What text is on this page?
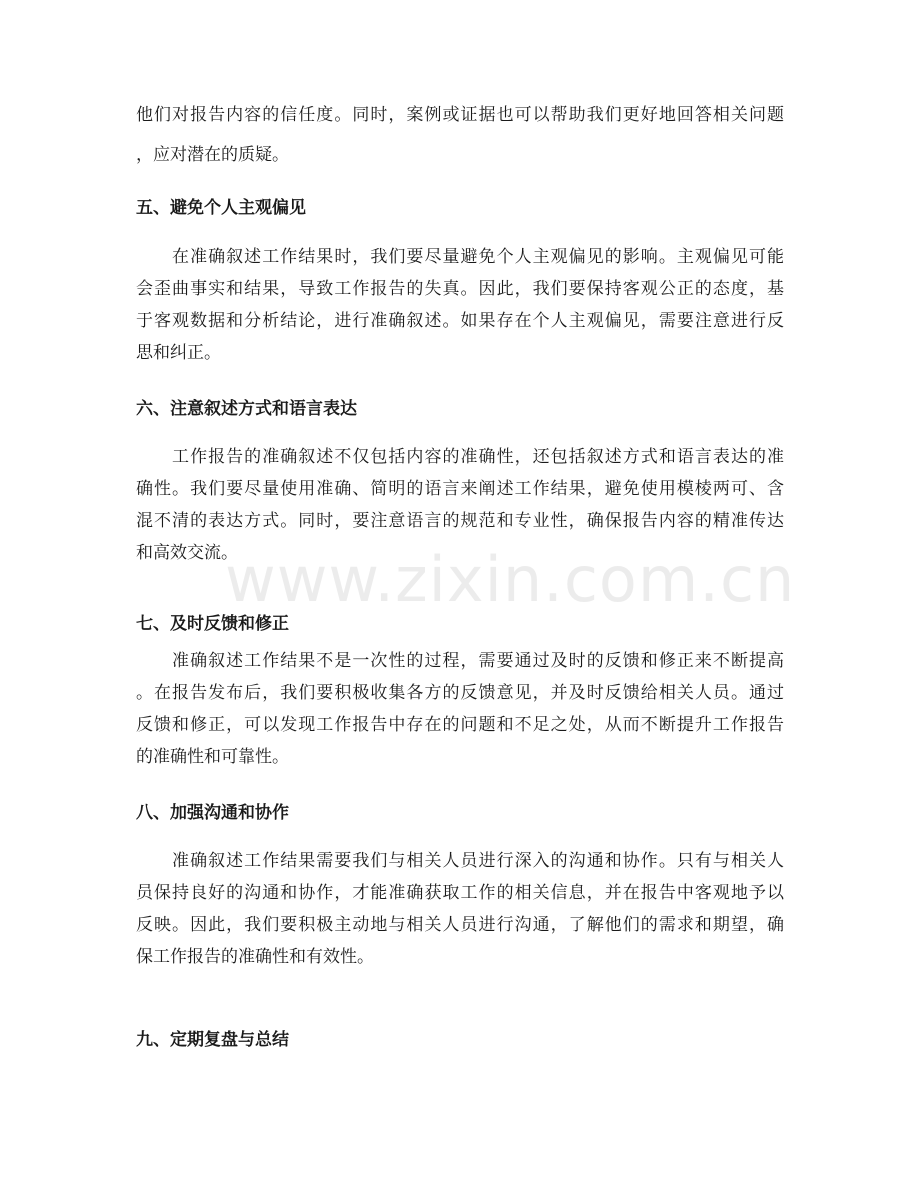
www.zixin.com.cn
他们对报告内容的信任度。同时，案例或证据也可以帮助我们更好地回答相关问题
，应对潜在的质疑。
五、避免个人主观偏见
　　在准确叙述工作结果时，我们要尽量避免个人主观偏见的影响。主观偏见可能
会歪曲事实和结果，导致工作报告的失真。因此，我们要保持客观公正的态度，基
于客观数据和分析结论，进行准确叙述。如果存在个人主观偏见，需要注意进行反
思和纠正。
六、注意叙述方式和语言表达
　　工作报告的准确叙述不仅包括内容的准确性，还包括叙述方式和语言表达的准
确性。我们要尽量使用准确、简明的语言来阐述工作结果，避免使用模棱两可、含
混不清的表达方式。同时，要注意语言的规范和专业性，确保报告内容的精准传达
和高效交流。
七、及时反馈和修正
　　准确叙述工作结果不是一次性的过程，需要通过及时的反馈和修正来不断提高
。在报告发布后，我们要积极收集各方的反馈意见，并及时反馈给相关人员。通过
反馈和修正，可以发现工作报告中存在的问题和不足之处，从而不断提升工作报告
的准确性和可靠性。
八、加强沟通和协作
　　准确叙述工作结果需要我们与相关人员进行深入的沟通和协作。只有与相关人
员保持良好的沟通和协作，才能准确获取工作的相关信息，并在报告中客观地予以
反映。因此，我们要积极主动地与相关人员进行沟通，了解他们的需求和期望，确
保工作报告的准确性和有效性。
九、定期复盘与总结
